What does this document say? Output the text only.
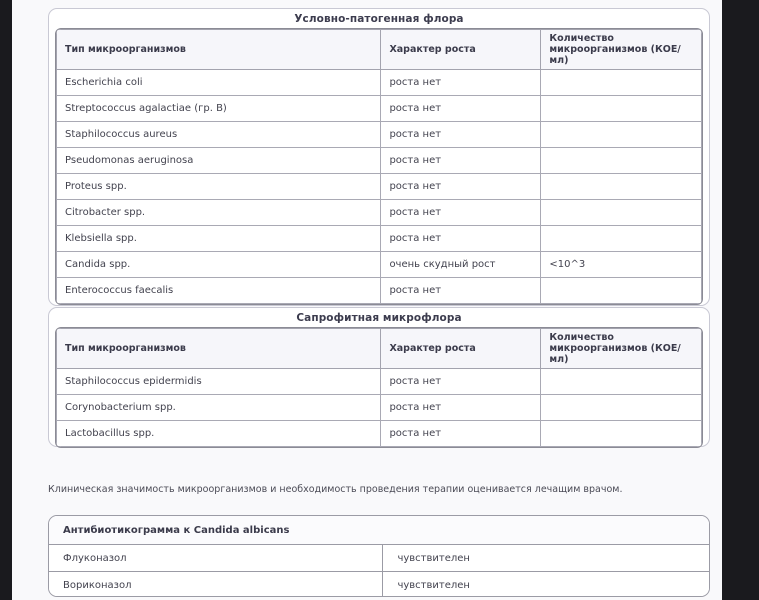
Условно-патогенная флора
Тип микроорганизмов	Характер роста	Количество микроорганизмов (КОЕ/мл)
Escherichia coli	роста нет	
Streptococcus agalactiae (гр. B)	роста нет	
Staphilococcus aureus	роста нет	
Pseudomonas aeruginosa	роста нет	
Proteus spp.	роста нет	
Citrobacter spp.	роста нет	
Klebsiella spp.	роста нет	
Candida spp.	очень скудный рост	<10^3
Enterococcus faecalis	роста нет	
Сапрофитная микрофлора
Тип микроорганизмов	Характер роста	Количество микроорганизмов (КОЕ/мл)
Staphilococcus epidermidis	роста нет	
Corynobacterium spp.	роста нет	
Lactobacillus spp.	роста нет	
Клиническая значимость микроорганизмов и необходимость проведения терапии оценивается лечащим врачом.
Антибиотикограмма к Candida albicans
Флуконазол	чувствителен
Вориконазол	чувствителен
